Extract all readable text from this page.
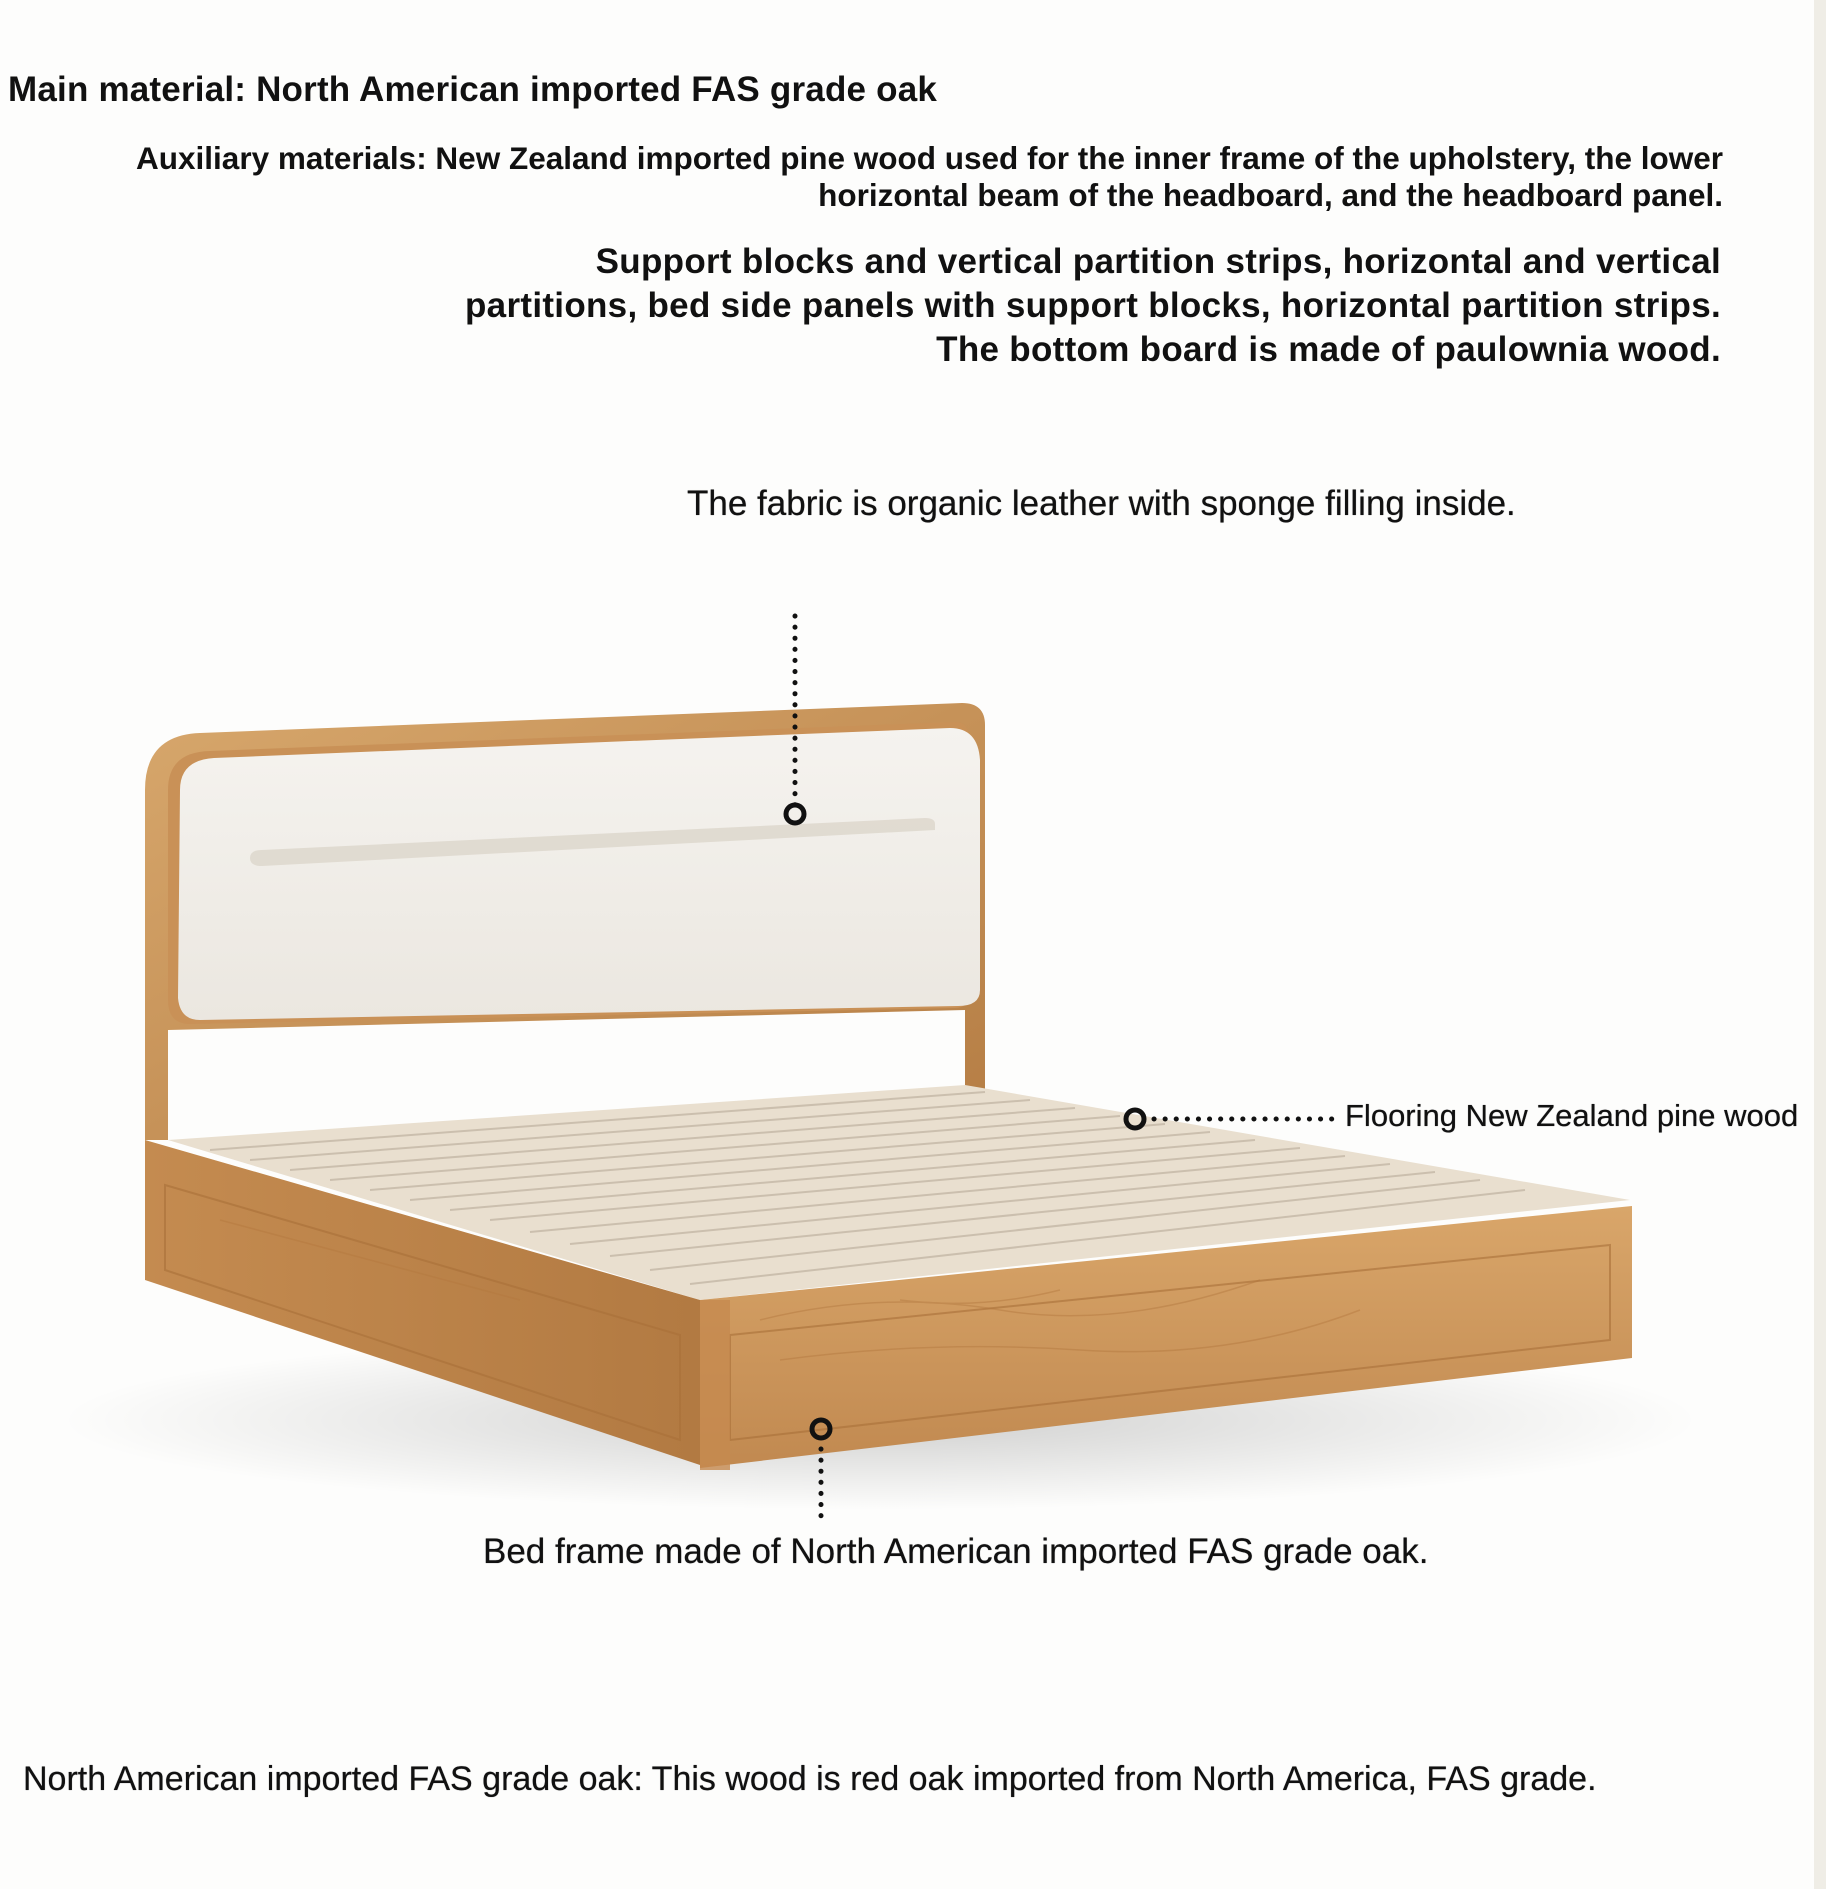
Main material: North American imported FAS grade oak

Auxiliary materials: New Zealand imported pine wood used for the inner frame of the upholstery, the lower horizontal beam of the headboard, and the headboard panel.

Support blocks and vertical partition strips, horizontal and vertical partitions, bed side panels with support blocks, horizontal partition strips. The bottom board is made of paulownia wood.

The fabric is organic leather with sponge filling inside.

Flooring New Zealand pine wood

Bed frame made of North American imported FAS grade oak.

North American imported FAS grade oak: This wood is red oak imported from North America, FAS grade.
